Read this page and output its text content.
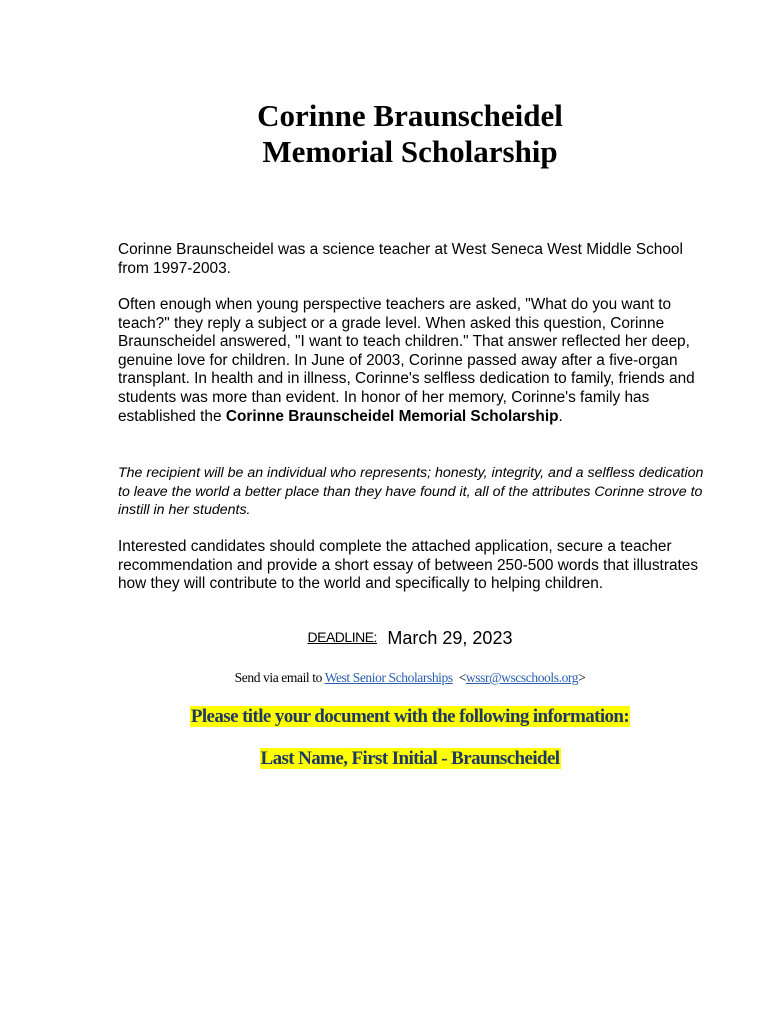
Corinne Braunscheidel
Memorial Scholarship
Corinne Braunscheidel was a science teacher at West Seneca West Middle School from 1997-2003.
Often enough when young perspective teachers are asked, "What do you want to teach?" they reply a subject or a grade level. When asked this question, Corinne Braunscheidel answered, "I want to teach children." That answer reflected her deep, genuine love for children. In June of 2003, Corinne passed away after a five-organ transplant. In health and in illness, Corinne's selfless dedication to family, friends and students was more than evident. In honor of her memory, Corinne's family has established the Corinne Braunscheidel Memorial Scholarship.
The recipient will be an individual who represents; honesty, integrity, and a selfless dedication to leave the world a better place than they have found it, all of the attributes Corinne strove to instill in her students.
Interested candidates should complete the attached application, secure a teacher recommendation and provide a short essay of between 250-500 words that illustrates how they will contribute to the world and specifically to helping children.
DEADLINE: March 29, 2023
Send via email to West Senior Scholarships <wssr@wscschools.org>
Please title your document with the following information:
Last Name, First Initial - Braunscheidel
